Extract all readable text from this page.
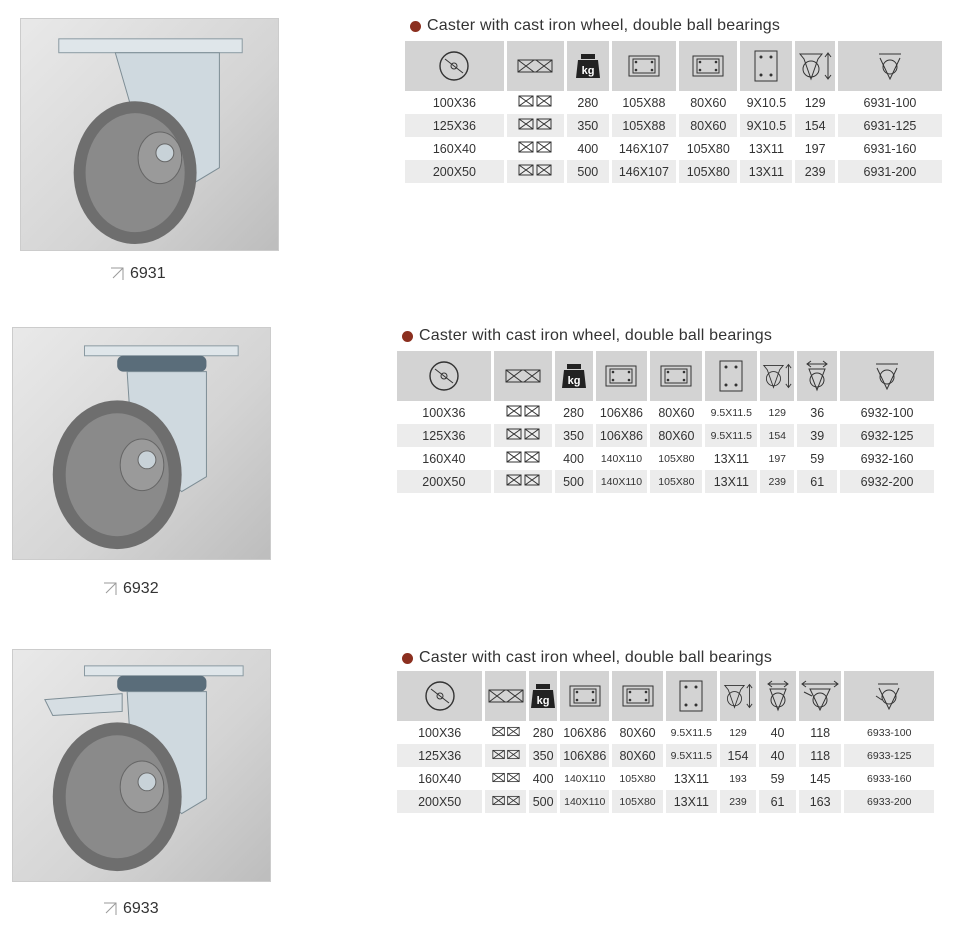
6931
Caster with cast iron wheel, double ball bearings

kg

100X36		280	105X88	80X60	9X10.5	129	6931-100
125X36		350	105X88	80X60	9X10.5	154	6931-125
160X40		400	146X107	105X80	13X11	197	6931-160
200X50		500	146X107	105X80	13X11	239	6931-200
6932
Caster with cast iron wheel, double ball bearings

kg

100X36		280	106X86	80X60	9.5X11.5	129	36	6932-100
125X36		350	106X86	80X60	9.5X11.5	154	39	6932-125
160X40		400	140X110	105X80	13X11	197	59	6932-160
200X50		500	140X110	105X80	13X11	239	61	6932-200
6933
Caster with cast iron wheel, double ball bearings

kg

100X36		280	106X86	80X60	9.5X11.5	129	40	118	6933-100
125X36		350	106X86	80X60	9.5X11.5	154	40	118	6933-125
160X40		400	140X110	105X80	13X11	193	59	145	6933-160
200X50		500	140X110	105X80	13X11	239	61	163	6933-200
